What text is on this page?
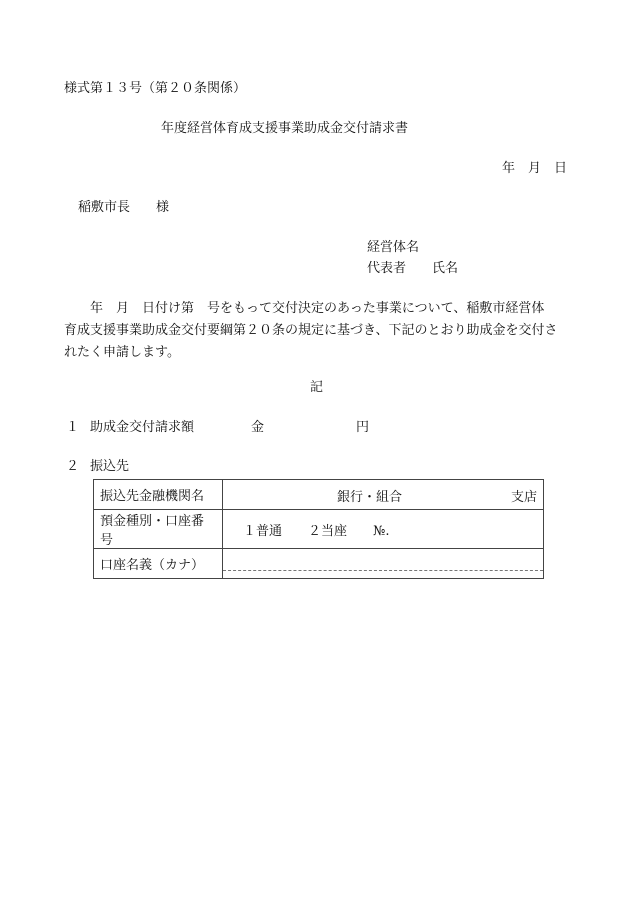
様式第１３号（第２０条関係）
年度経営体育成支援事業助成金交付請求書
年　月　日
稲敷市長　　様
経営体名
代表者　　氏名
　　年　月　日付け第　号をもって交付決定のあった事業について、稲敷市経営体
育成支援事業助成金交付要綱第２０条の規定に基づき、下記のとおり助成金を交付さ
れたく申請します。
記
１ 助成金交付請求額	金	円
２ 振込先
振込先金融機関名	銀行・組合 支店

預金種別・口座番号	１普通 ２当座 №.
口座名義（カナ）	
